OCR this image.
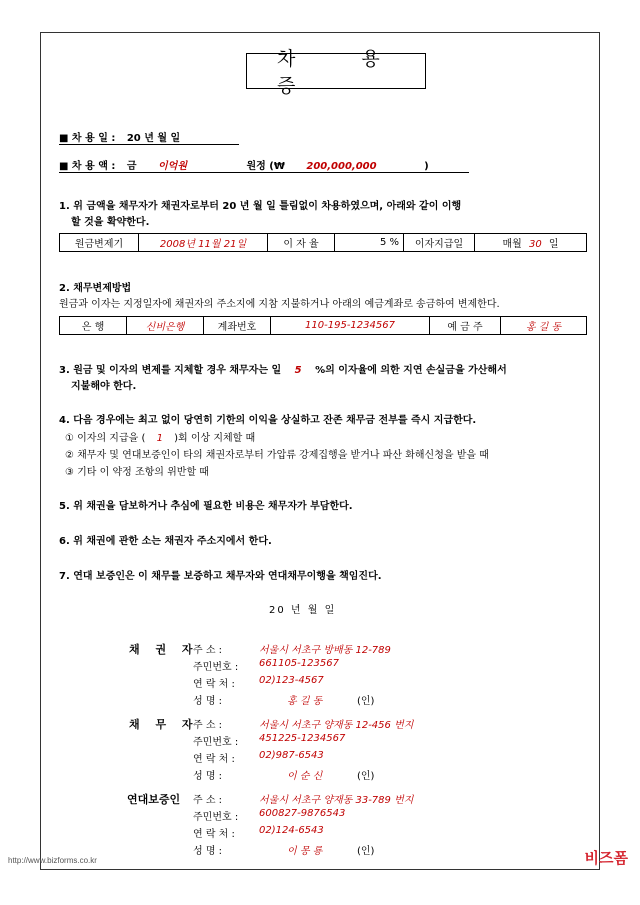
차 용 증
■ 차 용 일 : 20 년 월 일
■ 차 용 액 : 금 이억원	원정 (₩ 200,000,000	)
1. 위 금액을 채무자가 채권자로부터 20 년 월 일 틀림없이 차용하였으며, 아래와 같이 이행
할 것을 확약한다.
원금변제기	2008년 11월 21일	이 자 율	5 %	이자지급일	매월 30 일
2. 채무변제방법
원금과 이자는 지정일자에 채권자의 주소지에 지참 지불하거나 아래의 예금계좌로 송금하여 변제한다.
은 행	신비은행	계좌번호	110-195-1234567	예 금 주	홍 길 동
3. 원금 및 이자의 변제를 지체할 경우 채무자는 일 5 %의 이자율에 의한 지연 손실금을 가산해서
지불해야 한다.
4. 다음 경우에는 최고 없이 당연히 기한의 이익을 상실하고 잔존 채무금 전부를 즉시 지급한다.
① 이자의 지급을 ( 1 )회 이상 지체할 때
② 채무자 및 연대보증인이 타의 채권자로부터 가압류 강제집행을 받거나 파산 화해신청을 받을 때
③ 기타 이 약정 조항의 위반할 때
5. 위 채권을 담보하거나 추심에 필요한 비용은 채무자가 부담한다.
6. 위 채권에 관한 소는 채권자 주소지에서 한다.
7. 연대 보증인은 이 채무를 보증하고 채무자와 연대채무이행을 책임진다.
20 년 월 일
채 권 자
주 소 :	서울시 서초구 방배동 12-789
주민번호 : 661105-123567
연 락 처 : 02)123-4567
성 명 :	홍 길 동	(인)
채 무 자
주 소 :	서울시 서초구 양재동 12-456 번지
주민번호 : 451225-1234567
연 락 처 : 02)987-6543
성 명 :	이 순 신	(인)
연대보증인 주 소 :	서울시 서초구 양재동 33-789 번지
주민번호 : 600827-9876543
연 락 처 : 02)124-6543
성 명 :	이 몽 룡	(인)
http://www.bizforms.co.kr	비즈폼
